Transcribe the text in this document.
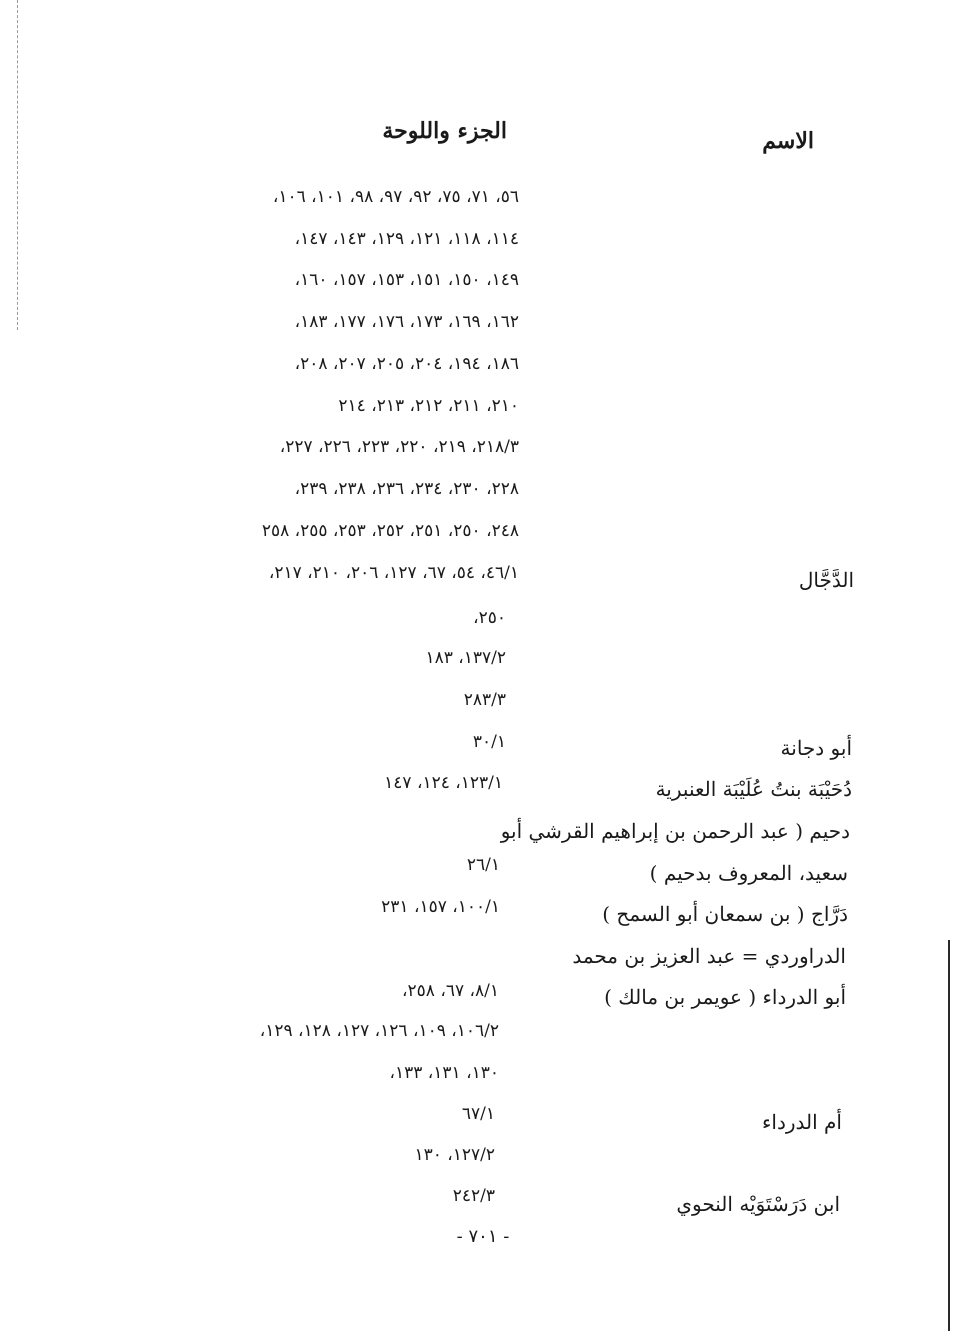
الاسم
الجزء واللوحة
٥٦، ٧١، ٧٥، ٩٢، ٩٧، ٩٨، ١٠١، ١٠٦،
١١٤، ١١٨، ١٢١، ١٢٩، ١٤٣، ١٤٧،
١٤٩، ١٥٠، ١٥١، ١٥٣، ١٥٧، ١٦٠،
١٦٢، ١٦٩، ١٧٣، ١٧٦، ١٧٧، ١٨٣،
١٨٦، ١٩٤، ٢٠٤، ٢٠٥، ٢٠٧، ٢٠٨،
٢١٠، ٢١١، ٢١٢، ٢١٣، ٢١٤
٢١٨/٣، ٢١٩، ٢٢٠، ٢٢٣، ٢٢٦، ٢٢٧،
٢٢٨، ٢٣٠، ٢٣٤، ٢٣٦، ٢٣٨، ٢٣٩،
٢٤٨، ٢٥٠، ٢٥١، ٢٥٢، ٢٥٣، ٢٥٥، ٢٥٨
٤٦/١، ٥٤، ٦٧، ١٢٧، ٢٠٦، ٢١٠، ٢١٧،
٢٥٠،
١٣٧/٢، ١٨٣
٢٨٣/٣
٣٠/١
١٢٣/١، ١٢٤، ١٤٧
٢٦/١
١٠٠/١، ١٥٧، ٢٣١
٨/١، ٦٧، ٢٥٨،
١٠٦/٢، ١٠٩، ١٢٦، ١٢٧، ١٢٨، ١٢٩،
١٣٠، ١٣١، ١٣٣،
٦٧/١
١٢٧/٢، ١٣٠
٢٤٢/٣
الدَّجَّال
أبو دجانة
دُحَيْبَة بنتُ عُلَيْبَة العنبرية
دحيم ( عبد الرحمن بن إبراهيم القرشي أبو
سعيد، المعروف بدحيم )
دَرَّاج ( بن سمعان أبو السمح )
الدراوردي = عبد العزيز بن محمد
أبو الدرداء ( عويمر بن مالك )
أم الدرداء
ابن دَرَسْتَوَيْه النحوي
- ٧٠١ -
